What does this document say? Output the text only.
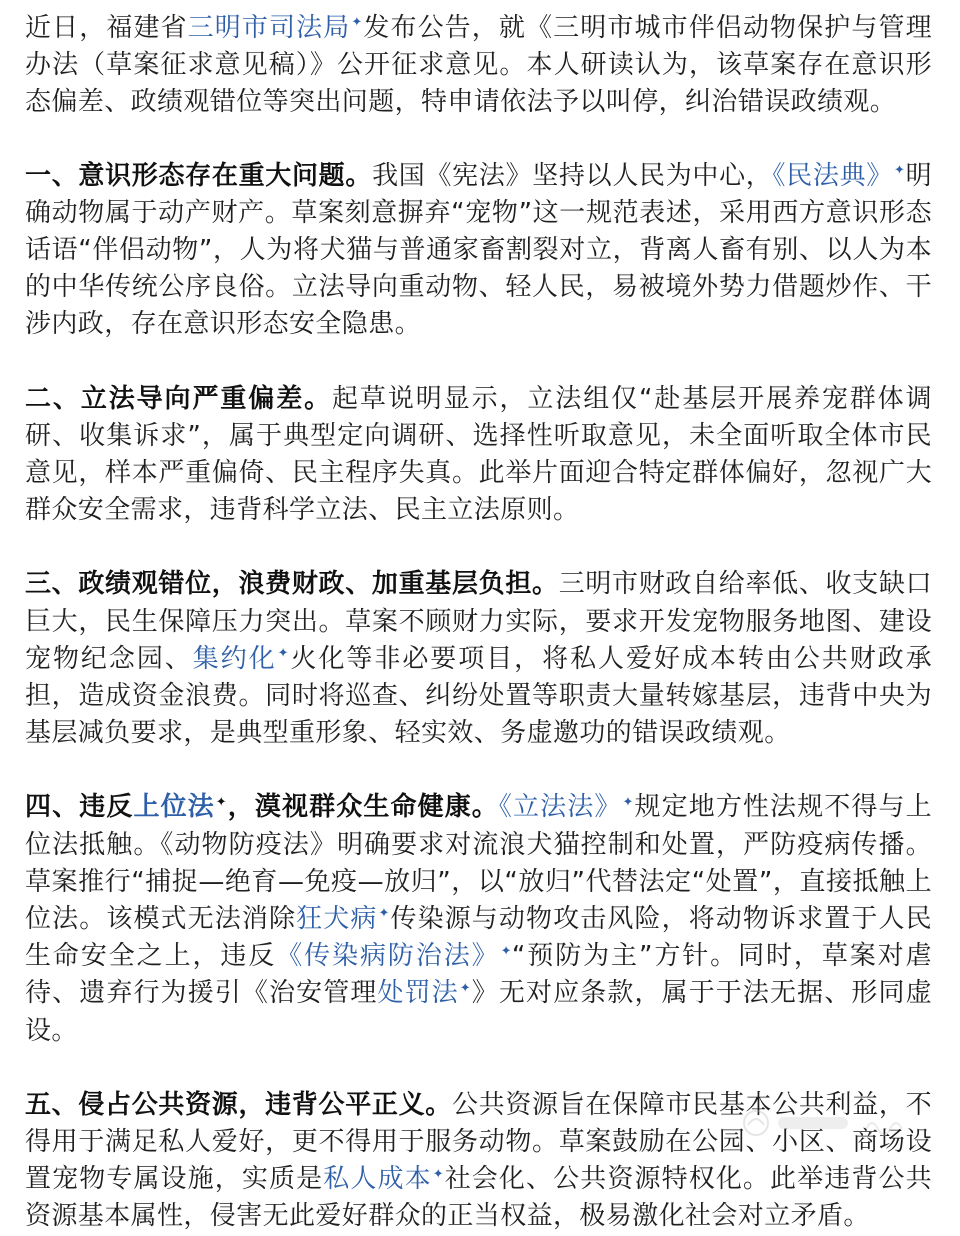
近日，福建省三明市司法局✦发布公告，就《三明市城市伴侣动物保护与管理办法（草案征求意见稿）》公开征求意见。本人研读认为，该草案存在意识形态偏差、政绩观错位等突出问题，特申请依法予以叫停，纠治错误政绩观。

一、意识形态存在重大问题。我国《宪法》坚持以人民为中心，《民法典》✦明确动物属于动产财产。草案刻意摒弃“宠物”这一规范表述，采用西方意识形态话语“伴侣动物”，人为将犬猫与普通家畜割裂对立，背离人畜有别、以人为本的中华传统公序良俗。立法导向重动物、轻人民，易被境外势力借题炒作、干涉内政，存在意识形态安全隐患。

二、立法导向严重偏差。起草说明显示，立法组仅“赴基层开展养宠群体调研、收集诉求”，属于典型定向调研、选择性听取意见，未全面听取全体市民意见，样本严重偏倚、民主程序失真。此举片面迎合特定群体偏好，忽视广大群众安全需求，违背科学立法、民主立法原则。

三、政绩观错位，浪费财政、加重基层负担。三明市财政自给率低、收支缺口巨大，民生保障压力突出。草案不顾财力实际，要求开发宠物服务地图、建设宠物纪念园、集约化✦火化等非必要项目，将私人爱好成本转由公共财政承担，造成资金浪费。同时将巡查、纠纷处置等职责大量转嫁基层，违背中央为基层减负要求，是典型重形象、轻实效、务虚邀功的错误政绩观。

四、违反上位法✦，漠视群众生命健康。《立法法》✦规定地方性法规不得与上位法抵触。《动物防疫法》明确要求对流浪犬猫控制和处置，严防疫病传播。草案推行“捕捉—绝育—免疫—放归”，以“放归”代替法定“处置”，直接抵触上位法。该模式无法消除狂犬病✦传染源与动物攻击风险，将动物诉求置于人民生命安全之上，违反《传染病防治法》✦“预防为主”方针。同时，草案对虐待、遗弃行为援引《治安管理处罚法✦》无对应条款，属于于法无据、形同虚设。

五、侵占公共资源，违背公平正义。公共资源旨在保障市民基本公共利益，不得用于满足私人爱好，更不得用于服务动物。草案鼓励在公园、小区、商场设置宠物专属设施，实质是私人成本✦社会化、公共资源特权化。此举违背公共资源基本属性，侵害无此爱好群众的正当权益，极易激化社会对立矛盾。
